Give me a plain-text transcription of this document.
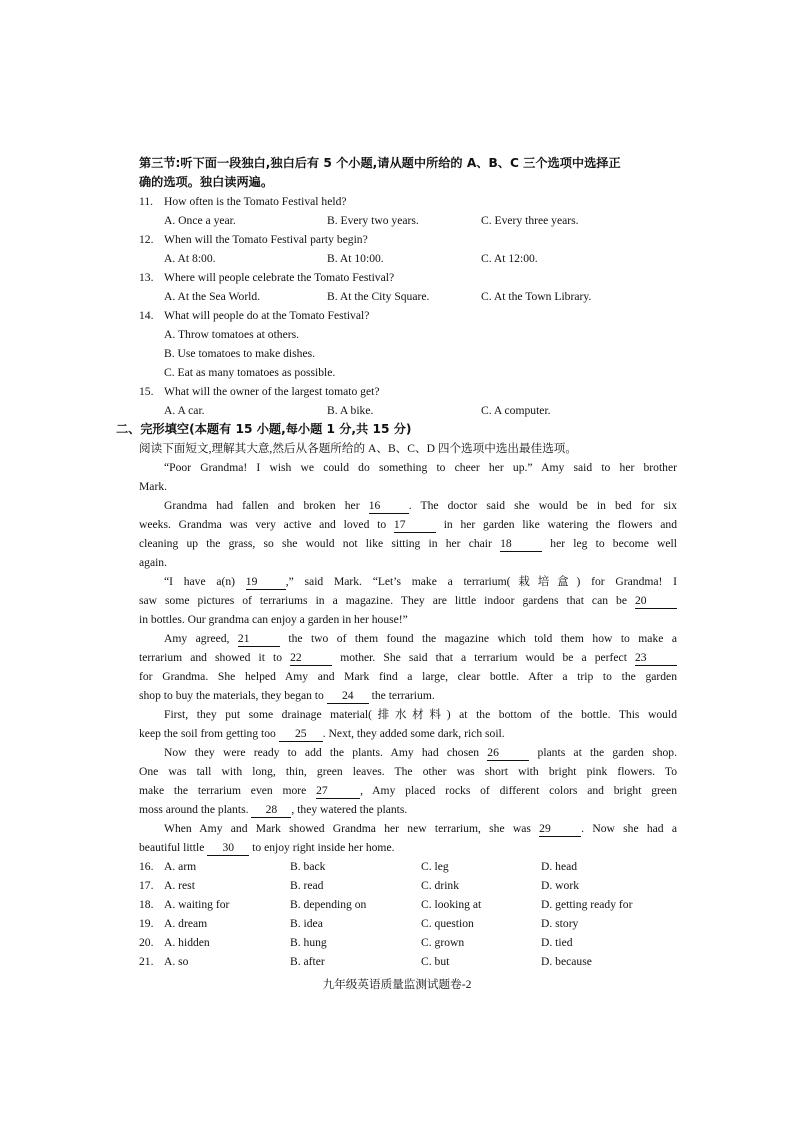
第三节:听下面一段独白,独白后有 5 个小题,请从题中所给的 A、B、C 三个选项中选择正
确的选项。独白读两遍。
11. How often is the Tomato Festival held?
A. Once a year.	B. Every two years.	C. Every three years.
12. When will the Tomato Festival party begin?
A. At 8:00.	B. At 10:00.	C. At 12:00.
13. Where will people celebrate the Tomato Festival?
A. At the Sea World.	B. At the City Square.	C. At the Town Library.
14. What will people do at the Tomato Festival?
A. Throw tomatoes at others.
B. Use tomatoes to make dishes.
C. Eat as many tomatoes as possible.
15. What will the owner of the largest tomato get?
A. A car.	B. A bike.	C. A computer.
二、完形填空(本题有 15 小题,每小题 1 分,共 15 分)
阅读下面短文,理解其大意,然后从各题所给的 A、B、C、D 四个选项中选出最佳选项。
“Poor Grandma! I wish we could do something to cheer her up.” Amy said to her brother
Mark.
Grandma had fallen and broken her 16 . The doctor said she would be in bed for six
weeks. Grandma was very active and loved to 17	in her garden like watering the flowers and
cleaning up the grass, so she would not like sitting in her chair 18	her leg to become well
again.
“I have a(n) 19 ,” said Mark. “Let’s make a terrarium(栽培盒) for Grandma! I
saw some pictures of terrariums in a magazine. They are little indoor gardens that can be 20
in bottles. Our grandma can enjoy a garden in her house!”
Amy agreed, 21	the two of them found the magazine which told them how to make a
terrarium and showed it to 22	mother. She said that a terrarium would be a perfect 23
for Grandma. She helped Amy and Mark find a large, clear bottle. After a trip to the garden
shop to buy the materials, they began to 24 the terrarium.
First, they put some drainage material(排水材料) at the bottom of the bottle. This would
keep the soil from getting too 25 . Next, they added some dark, rich soil.
Now they were ready to add the plants. Amy had chosen 26	plants at the garden shop.
One was tall with long, thin, green leaves. The other was short with bright pink flowers. To
make the terrarium even more 27	, Amy placed rocks of different colors and bright green
moss around the plants. 28 , they watered the plants.
When Amy and Mark showed Grandma her new terrarium, she was 29	. Now she had a
beautiful little 30 to enjoy right inside her home.
16. A. arm	B. back	C. leg	D. head
17. A. rest	B. read	C. drink	D. work
18. A. waiting for	B. depending on	C. looking at	D. getting ready for
19. A. dream	B. idea	C. question	D. story
20. A. hidden	B. hung	C. grown	D. tied
21. A. so	B. after	C. but	D. because
九年级英语质量监测试题卷-2
